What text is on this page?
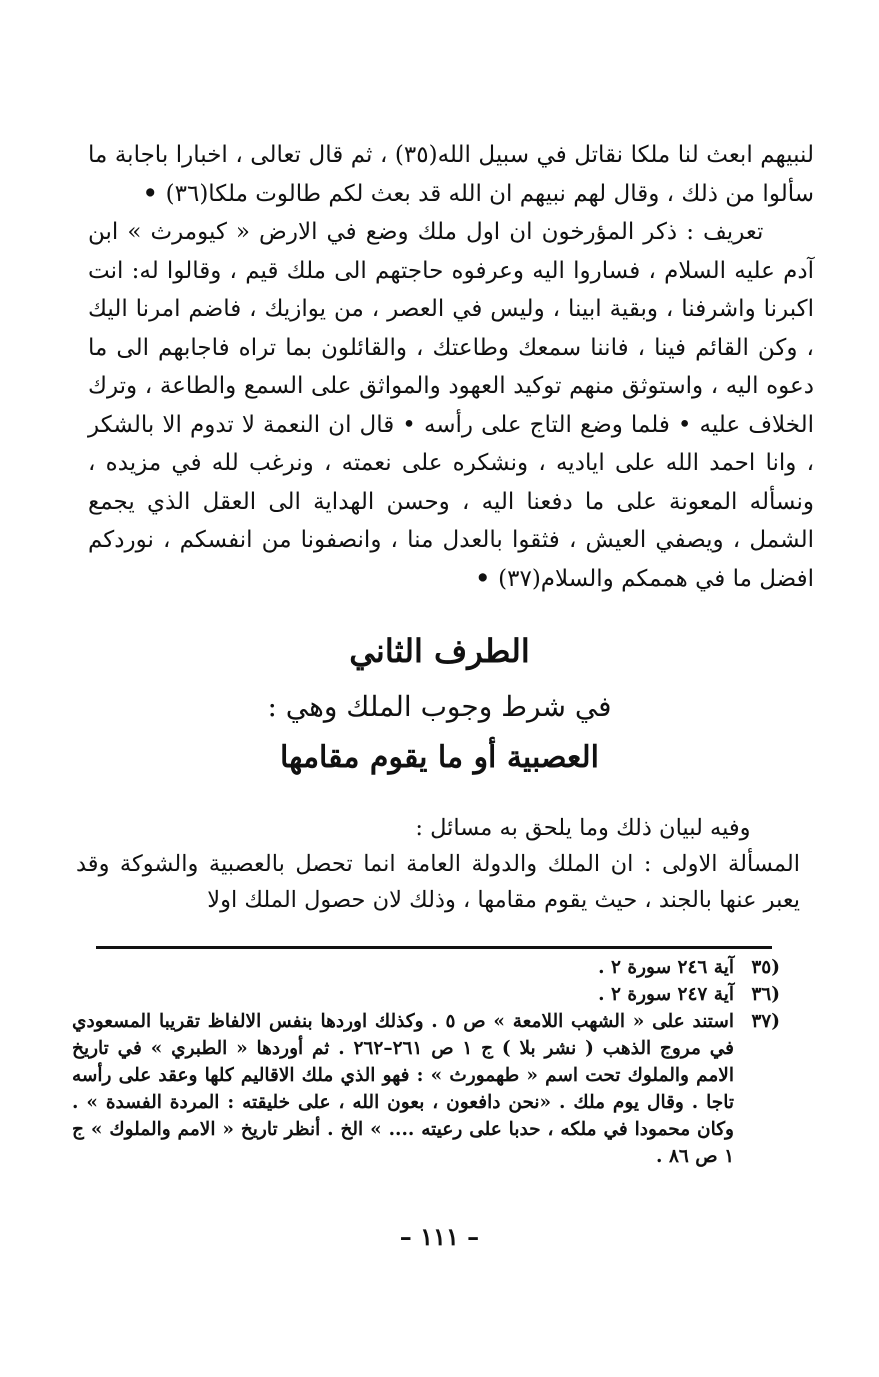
لنبيهم ابعث لنا ملكا نقاتل في سبيل الله(٣٥) ، ثم قال تعالى ، اخبارا باجابة ما سألوا من ذلك ، وقال لهم نبيهم ان الله قد بعث لكم طالوت ملكا(٣٦) •

تعريف : ذكر المؤرخون ان اول ملك وضع في الارض « كيومرث » ابن آدم عليه السلام ، فساروا اليه وعرفوه حاجتهم الى ملك قيم ، وقالوا له: انت اكبرنا واشرفنا ، وبقية ابينا ، وليس في العصر ، من يوازيك ، فاضم امرنا اليك ، وكن القائم فينا ، فاننا سمعك وطاعتك ، والقائلون بما تراه فاجابهم الى ما دعوه اليه ، واستوثق منهم توكيد العهود والمواثق على السمع والطاعة ، وترك الخلاف عليه • فلما وضع التاج على رأسه • قال ان النعمة لا تدوم الا بالشكر ، وانا احمد الله على اياديه ، ونشكره على نعمته ، ونرغب لله في مزيده ، ونسأله المعونة على ما دفعنا اليه ، وحسن الهداية الى العقل الذي يجمع الشمل ، ويصفي العيش ، فثقوا بالعدل منا ، وانصفونا من انفسكم ، نوردكم افضل ما في هممكم والسلام(٣٧) •

الطرف الثاني
في شرط وجوب الملك وهي :
العصبية أو ما يقوم مقامها

وفيه لبيان ذلك وما يلحق به مسائل :

المسألة الاولى : ان الملك والدولة العامة انما تحصل بالعصبية والشوكة وقد يعبر عنها بالجند ، حيث يقوم مقامها ، وذلك لان حصول الملك اولا

(٣٥
آية ٢٤٦ سورة ٢ .
(٣٦
آية ٢٤٧ سورة ٢ .
(٣٧
استند على « الشهب اللامعة » ص ٥ . وكذلك اوردها بنفس الالفاظ تقريبا المسعودي في مروج الذهب ( نشر بلا ) ج ١ ص ٢٦١–٢٦٢ . ثم أوردها « الطبري » في تاريخ الامم والملوك تحت اسم « طهمورث » : فهو الذي ملك الاقاليم كلها وعقد على رأسه تاجا . وقال يوم ملك . «نحن دافعون ، بعون الله ، على خليقته : المردة الفسدة » . وكان محمودا في ملكه ، حدبا على رعيته .... » الخ . أنظر تاريخ « الامم والملوك » ج ١ ص ٨٦ .
– ١١١ –
